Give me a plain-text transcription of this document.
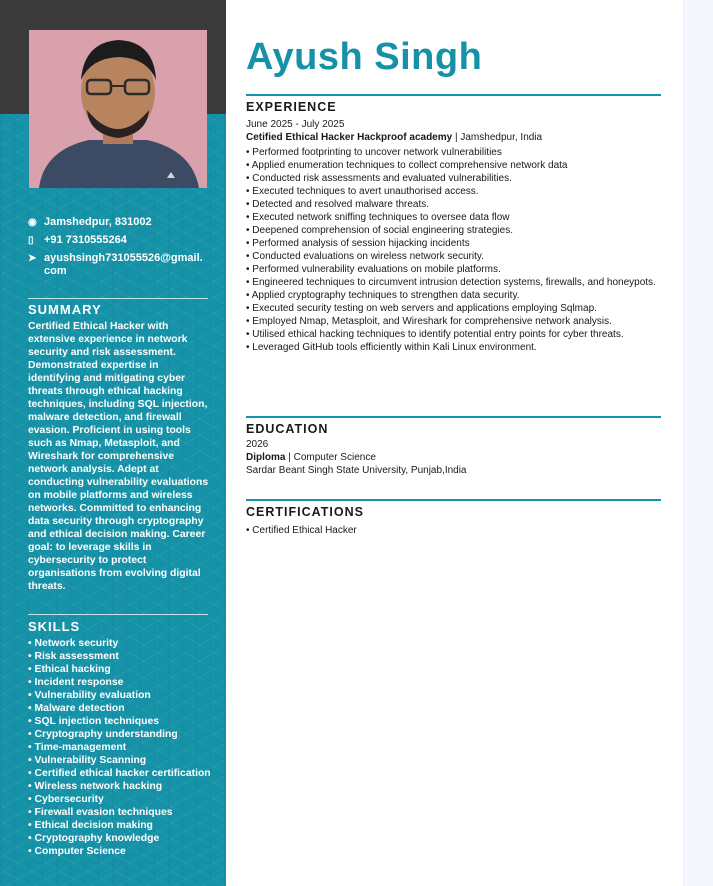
◉ Jamshedpur, 831002
▯ +91 7310555264
➤ ayushsingh731055526@gmail.com
SUMMARY
Certified Ethical Hacker with extensive experience in network security and risk assessment. Demonstrated expertise in identifying and mitigating cyber threats through ethical hacking techniques, including SQL injection, malware detection, and firewall evasion. Proficient in using tools such as Nmap, Metasploit, and Wireshark for comprehensive network analysis. Adept at conducting vulnerability evaluations on mobile platforms and wireless networks. Committed to enhancing data security through cryptography and ethical decision making. Career goal: to leverage skills in cybersecurity to protect organisations from evolving digital threats.
SKILLS
• Network security
• Risk assessment
• Ethical hacking
• Incident response
• Vulnerability evaluation
• Malware detection
• SQL injection techniques
• Cryptography understanding
• Time-management
• Vulnerability Scanning
• Certified ethical hacker certification
• Wireless network hacking
• Cybersecurity
• Firewall evasion techniques
• Ethical decision making
• Cryptography knowledge
• Computer Science
Ayush Singh
EXPERIENCE
June 2025 - July 2025
Cetified Ethical Hacker Hackproof academy | Jamshedpur, India
• Performed footprinting to uncover network vulnerabilities
• Applied enumeration techniques to collect comprehensive network data
• Conducted risk assessments and evaluated vulnerabilities.
• Executed techniques to avert unauthorised access.
• Detected and resolved malware threats.
• Executed network sniffing techniques to oversee data flow
• Deepened comprehension of social engineering strategies.
• Performed analysis of session hijacking incidents
• Conducted evaluations on wireless network security.
• Performed vulnerability evaluations on mobile platforms.
• Engineered techniques to circumvent intrusion detection systems, firewalls, and honeypots.
• Applied cryptography techniques to strengthen data security.
• Executed security testing on web servers and applications employing Sqlmap.
• Employed Nmap, Metasploit, and Wireshark for comprehensive network analysis.
• Utilised ethical hacking techniques to identify potential entry points for cyber threats.
• Leveraged GitHub tools efficiently within Kali Linux environment.
EDUCATION
2026
Diploma | Computer Science
Sardar Beant Singh State University, Punjab,India
CERTIFICATIONS
• Certified Ethical Hacker
